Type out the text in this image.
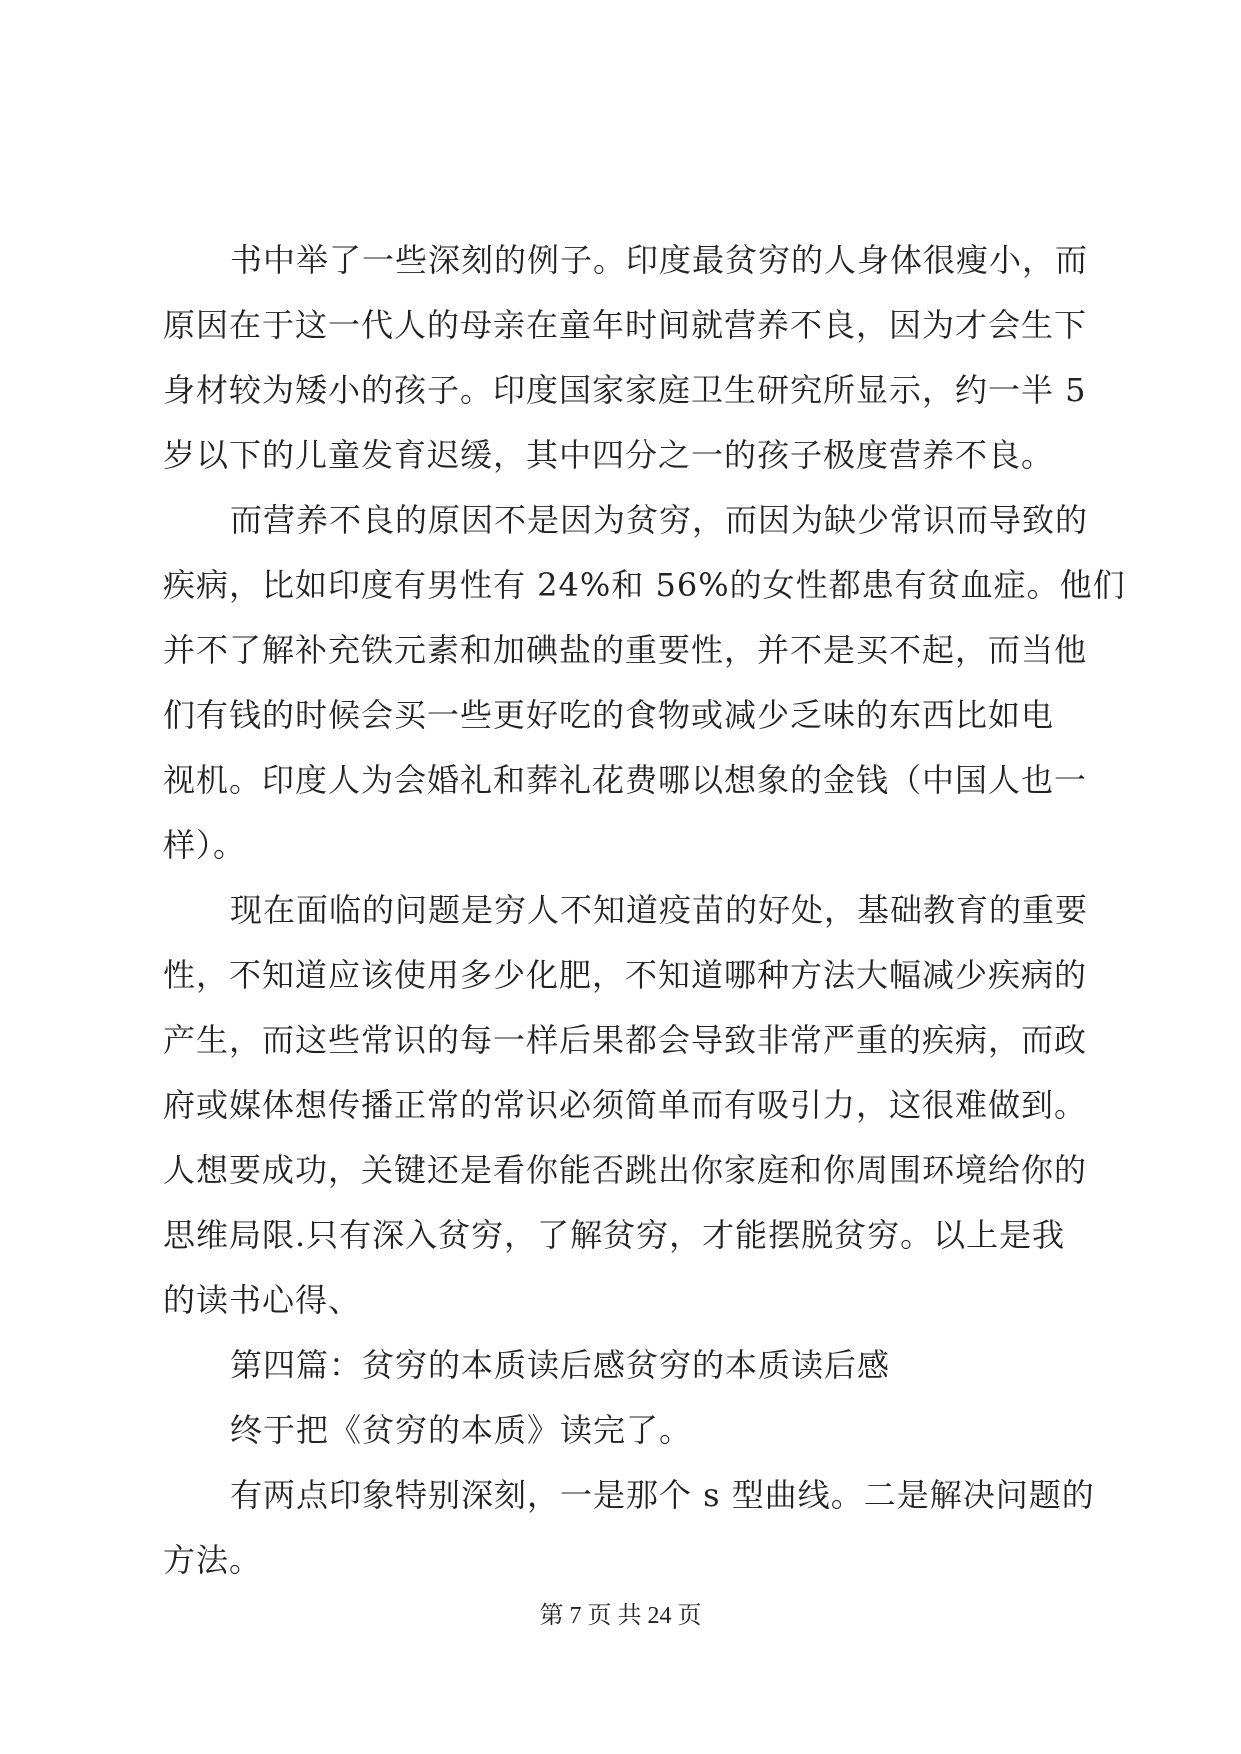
书中举了一些深刻的例子。印度最贫穷的人身体很瘦小，而

原因在于这一代人的母亲在童年时间就营养不良，因为才会生下

身材较为矮小的孩子。印度国家家庭卫生研究所显示，约一半 5

岁以下的儿童发育迟缓，其中四分之一的孩子极度营养不良。

而营养不良的原因不是因为贫穷，而因为缺少常识而导致的

疾病，比如印度有男性有 24%和 56%的女性都患有贫血症。他们

并不了解补充铁元素和加碘盐的重要性，并不是买不起，而当他

们有钱的时候会买一些更好吃的食物或减少乏味的东西比如电

视机。印度人为会婚礼和葬礼花费哪以想象的金钱（中国人也一

样）。

现在面临的问题是穷人不知道疫苗的好处，基础教育的重要

性，不知道应该使用多少化肥，不知道哪种方法大幅减少疾病的

产生，而这些常识的每一样后果都会导致非常严重的疾病，而政

府或媒体想传播正常的常识必须简单而有吸引力，这很难做到。

人想要成功，关键还是看你能否跳出你家庭和你周围环境给你的

思维局限.只有深入贫穷，了解贫穷，才能摆脱贫穷。以上是我

的读书心得、

第四篇：贫穷的本质读后感贫穷的本质读后感

终于把《贫穷的本质》读完了。

有两点印象特别深刻，一是那个 s 型曲线。二是解决问题的

方法。

第 7 页 共 24 页
